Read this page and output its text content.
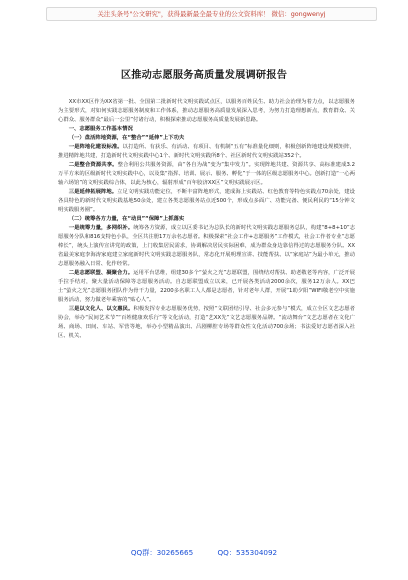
关注头条号"公文研究"，获得最新最全最专业的公文资料库！ 微信：gongwenyj
区推动志愿服务高质量发展调研报告

XX市XX区作为XX省第一批、全国第二批新时代文明实践试点区，以服务百姓民生、助力社会治理为着力点，以志愿服务为主要形式，对如何实践志愿服务制度和工作体系，推动志愿服务高质量发展深入思考，为努力打造理想新点，教育群众、关心群众、服务群众“最后一公里”付诸行动，积极探索推动志愿服务高质量发展新思路。

一、志愿服务工作基本情况

（一）盘活阵地资源，在“整合”“延伸”上下功夫

一是阵地化建设标准。以打造所、有获乐、有活动、有项目、有机制“五有”标准量化细则，积极创新阵地建设规模矩阵，推进精阵地共建，打造新时代文明实践中心1个、新时代文明实践所8个、社区新时代文明实践站352个。

二是整合资源共享。整合利用公共服务资源，由“各自为战”变为“集中发力”。实现阵地共建、资源共享、高标准建成3.2万平方米的区级新时代文明实践中心，以及集“指挥、培训、展示、服务、孵化”于一体的区级志愿服务中心。创新打造“一心两轴六场馆”的文明实践综合体，以此为核心，辐射形成“百年胶济XX区”文明实践展示区。

三是延伸拓展阵地。立足文明实践功能定位，不断丰富阵地形式，建成海上实践站、红色教育等特色实践点70余处，建设各具特色的新时代文明实践基地50余处，建立各类志愿服务站点近500个，形成点多面广、功能完备、便民利民的“15分钟文明实践服务圈”。

（二）统筹各方力量，在“动员”“保障”上抓落实

一是统筹力量，多网织补。统筹各方资源，成立以区委书记为总队长的新时代文明实践志愿服务总队，构建“8+8+10”志愿服务分队和816支特色小队，全区共注册17万余名志愿者。积极探索“社会工作+志愿服务”工作模式，社会工作者专业“志愿棒长”，统头上演传宣讲党的政策，上门收集居民需求，协调解决居民实际困难，成为群众身边靠信得过的志愿服务分队。XX省最美家庭李海涛家庭建立家庭新时代文明实践志愿服务队，常态化开展明理宣讲、技能帮扶、以“家庭站”为最小单元，推动志愿服务融入日常、化作经常。

二是志愿联盟、凝聚合力。运用平台思维，组建30多个“萤火之光”志愿联盟，围绕结对帮扶、助老敬老等内容，广泛开展手拉手结对，聚大量活动保障等志愿服务活动。自志愿联盟成立以来，已开展各类活动2000余次，服务12万余人。XX巴士“萤火之光”志愿服务团队作为骨干力量，2200多名职工人人都是志愿者，针对老年人群，开展“1助夕阳”WIFI敬老空中实施服务活动，努力做老年乘客的“贴心人”。

三是以文化人、以文惠民。积极发挥专业志愿服务优势，按照“文联团结引导、社会多元参与”模式，成立全区文艺志愿者协会，举办“民间艺术节”“百姓健康欢乐行”等文化活动，打造“艺XX先”文艺志愿服务品牌。“流动舞台”文艺志愿者在文化广场、商场、田间、车站、军营等地，举办小型精品演出、吕剧柳腔专场等群众性文化活动700余场；书法爱好志愿者深入社区、机关、

QQ群：30265665	QQ：535304092
